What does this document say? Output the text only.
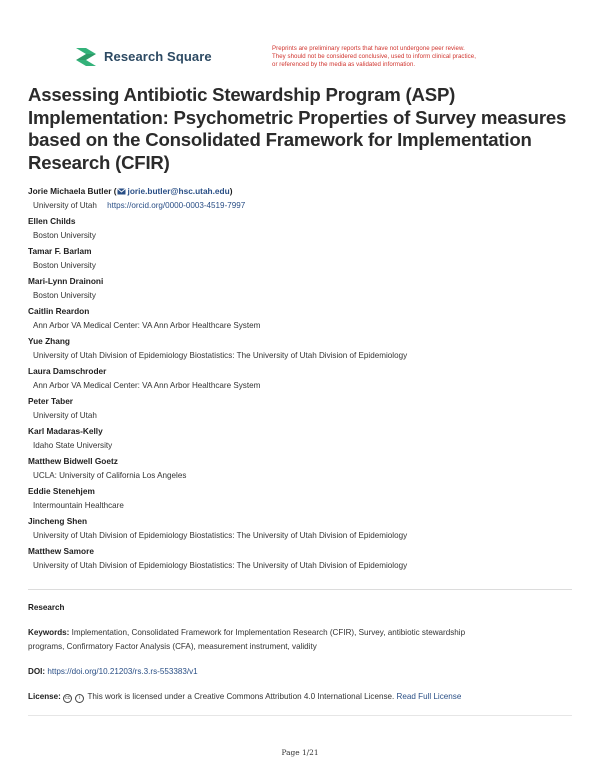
Research Square	Preprints are preliminary reports that have not undergone peer review.
They should not be considered conclusive, used to inform clinical practice,
or referenced by the media as validated information.
Assessing Antibiotic Stewardship Program (ASP) Implementation: Psychometric Properties of Survey measures based on the Consolidated Framework for Implementation Research (CFIR)
Jorie Michaela Butler ( jorie.butler@hsc.utah.edu)
University of Utah https://orcid.org/0000-0003-4519-7997
Ellen Childs
Boston University
Tamar F. Barlam
Boston University
Mari-Lynn Drainoni
Boston University
Caitlin Reardon
Ann Arbor VA Medical Center: VA Ann Arbor Healthcare System
Yue Zhang
University of Utah Division of Epidemiology Biostatistics: The University of Utah Division of Epidemiology
Laura Damschroder
Ann Arbor VA Medical Center: VA Ann Arbor Healthcare System
Peter Taber
University of Utah
Karl Madaras-Kelly
Idaho State University
Matthew Bidwell Goetz
UCLA: University of California Los Angeles
Eddie Stenehjem
Intermountain Healthcare
Jincheng Shen
University of Utah Division of Epidemiology Biostatistics: The University of Utah Division of Epidemiology
Matthew Samore
University of Utah Division of Epidemiology Biostatistics: The University of Utah Division of Epidemiology
Research
Keywords: Implementation, Consolidated Framework for Implementation Research (CFIR), Survey, antibiotic stewardship
programs, Confirmatory Factor Analysis (CFA), measurement instrument, validity
DOI: https://doi.org/10.21203/rs.3.rs-553383/v1
License: cc i This work is licensed under a Creative Commons Attribution 4.0 International License. Read Full License
Page 1/21
